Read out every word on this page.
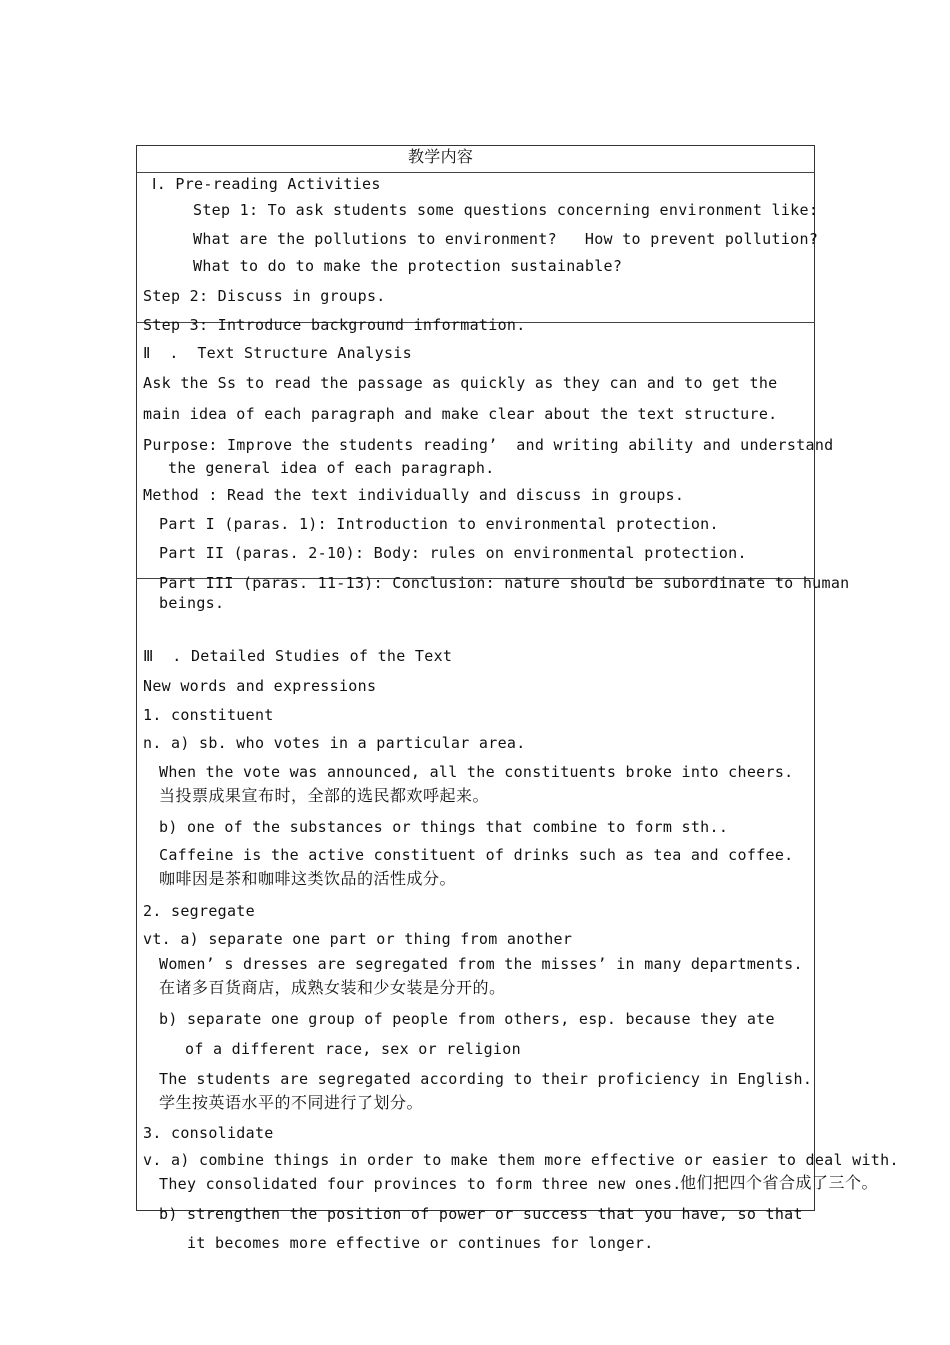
教学内容
Ⅰ. Pre-reading Activities
Step 1: To ask students some questions concerning environment like:
What are the pollutions to environment?   How to prevent pollution?
What to do to make the protection sustainable?
Step 2: Discuss in groups.
Step 3: Introduce background information.
Ⅱ  .  Text Structure Analysis
Ask the Ss to read the passage as quickly as they can and to get the
main idea of each paragraph and make clear about the text structure.
Purpose: Improve the students reading’  and writing ability and understand
the general idea of each paragraph.
Method : Read the text individually and discuss in groups.
Part I (paras. 1): Introduction to environmental protection.
Part II (paras. 2-10): Body: rules on environmental protection.
Part III (paras. 11-13): Conclusion: nature should be subordinate to human
beings.
Ⅲ  . Detailed Studies of the Text
New words and expressions
1. constituent
n. a) sb. who votes in a particular area.
When the vote was announced, all the constituents broke into cheers.
当投票成果宣布时，全部的选民都欢呼起来。
b) one of the substances or things that combine to form sth..
Caffeine is the active constituent of drinks such as tea and coffee.
咖啡因是茶和咖啡这类饮品的活性成分。
2. segregate
vt. a) separate one part or thing from another
Women’ s dresses are segregated from the misses’ in many departments.
在诸多百货商店，成熟女装和少女装是分开的。
b) separate one group of people from others, esp. because they ate
of a different race, sex or religion
The students are segregated according to their proficiency in English.
学生按英语水平的不同进行了划分。
3. consolidate
v. a) combine things in order to make them more effective or easier to deal with.
They consolidated four provinces to form three new ones.
他们把四个省合成了三个。
b) strengthen the position of power or success that you have, so that
it becomes more effective or continues for longer.
